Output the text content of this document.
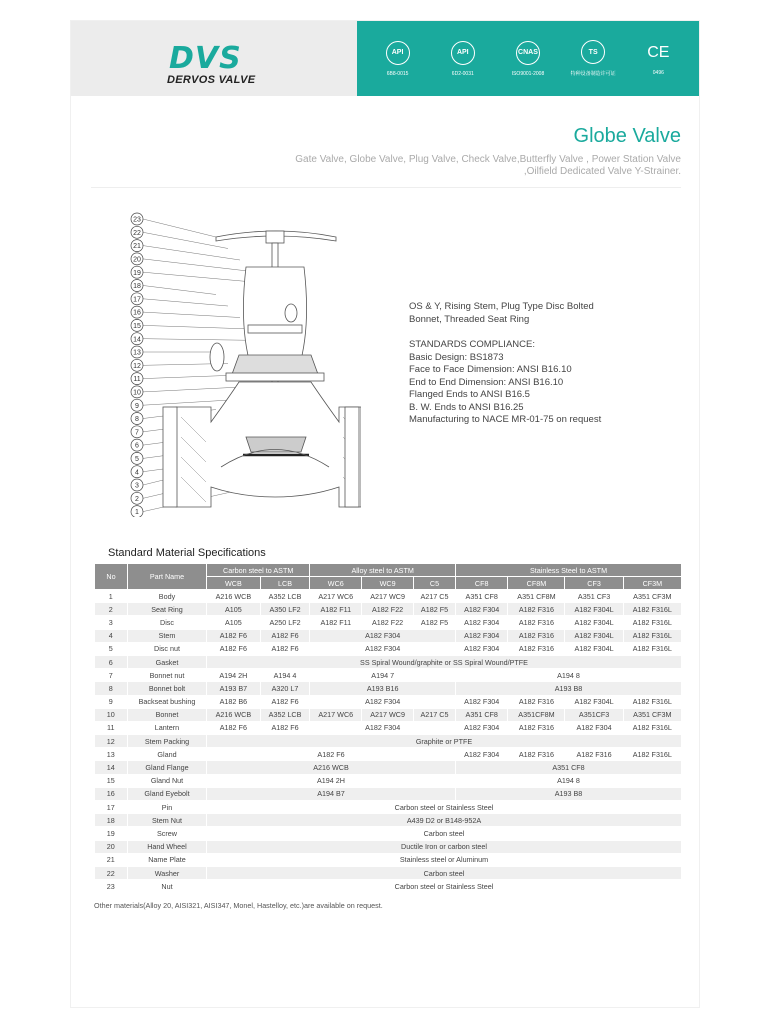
DVS
DERVOS VALVE
API
6B8-0015
API
6D2-0031
CNAS
ISO9001-2008
TS
特种设备制造许可证
CE
0496
Globe Valve
Gate Valve, Globe Valve, Plug Valve, Check Valve,Butterfly Valve , Power Station Valve ,Oilfield Dedicated Valve Y-Strainer.
23
22
21
20
19
18
17
16
15
14
13
12
11
10
9
8
7
6
5
4
3
2
1
OS & Y, Rising Stem, Plug Type Disc Bolted
Bonnet, Threaded Seat Ring
STANDARDS COMPLIANCE:
Basic Design: BS1873
Face to Face Dimension: ANSI B16.10
End to End Dimension: ANSI B16.10
Flanged Ends to ANSI B16.5
B. W. Ends to ANSI B16.25
Manufacturing to NACE MR-01-75 on request
Standard Material Specifications
No	Part Name	Carbon steel to ASTM		Alloy steel to ASTM			Stainless Steel to ASTM			
		WCB	LCB	WC6	WC9	C5	CF8	CF8M	CF3	CF3M
1	Body	A216 WCB	A352 LCB	A217 WC6	A217 WC9	A217 C5	A351 CF8	A351 CF8M	A351 CF3	A351 CF3M
2	Seat Ring	A105	A350 LF2	A182 F11	A182 F22	A182 F5	A182 F304	A182 F316	A182 F304L	A182 F316L
3	Disc	A105	A250 LF2	A182 F11	A182 F22	A182 F5	A182 F304	A182 F316	A182 F304L	A182 F316L
4	Stem	A182 F6	A182 F6	A182 F304			A182 F304	A182 F316	A182 F304L	A182 F316L
5	Disc nut	A182 F6	A182 F6	A182 F304			A182 F304	A182 F316	A182 F304L	A182 F316L
6	Gasket	SS Spiral Wound/graphite or SS Spiral Wound/PTFE								
7	Bonnet nut	A194 2H	A194 4	A194 7			A194 8			
8	Bonnet bolt	A193 B7	A320 L7	A193 B16			A193 B8			
9	Backseat bushing	A182 B6	A182 F6	A182 F304			A182 F304	A182 F316	A182 F304L	A182 F316L
10	Bonnet	A216 WCB	A352 LCB	A217 WC6	A217 WC9	A217 C5	A351 CF8	A351CF8M	A351CF3	A351 CF3M
11	Lantern	A182 F6	A182 F6	A182 F304			A182 F304	A182 F316	A182 F304	A182 F316L
12	Stem Packing	Graphite or PTFE								
13	Gland	A182 F6					A182 F304	A182 F316	A182 F316	A182 F316L
14	Gland Flange	A216 WCB					A351 CF8			
15	Gland Nut	A194 2H					A194 8			
16	Gland Eyebolt	A194 B7					A193 B8			
17	Pin	Carbon steel or Stainless Steel								
18	Stem Nut	A439 D2 or B148-952A								
19	Screw	Carbon steel								
20	Hand Wheel	Ductile Iron or carbon steel								
21	Name Plate	Stainless steel or Aluminum								
22	Washer	Carbon steel								
23	Nut	Carbon steel or Stainless Steel								
Other materials(Alloy 20, AISI321, AISI347, Monel, Hastelloy, etc.)are available on request.
